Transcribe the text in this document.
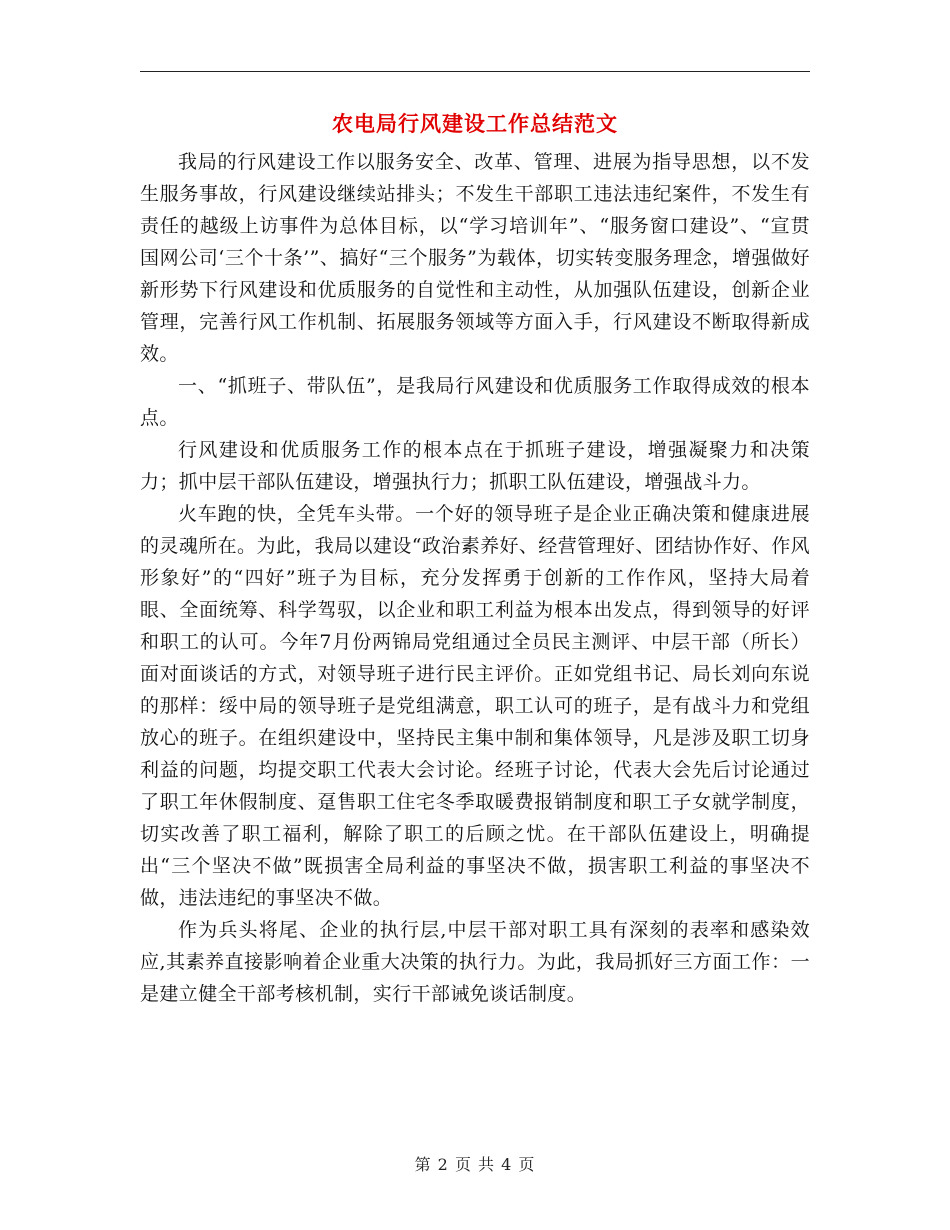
农电局行风建设工作总结范文

我局的行风建设工作以服务安全、改革、管理、进展为指导思想，以不发生服务事故，行风建设继续站排头；不发生干部职工违法违纪案件，不发生有责任的越级上访事件为总体目标，以“学习培训年”、“服务窗口建设”、“宣贯国网公司‘三个十条’”、搞好“三个服务”为载体，切实转变服务理念，增强做好新形势下行风建设和优质服务的自觉性和主动性，从加强队伍建设，创新企业管理，完善行风工作机制、拓展服务领域等方面入手，行风建设不断取得新成效。

一、“抓班子、带队伍”，是我局行风建设和优质服务工作取得成效的根本点。

行风建设和优质服务工作的根本点在于抓班子建设，增强凝聚力和决策力；抓中层干部队伍建设，增强执行力；抓职工队伍建设，增强战斗力。

火车跑的快，全凭车头带。一个好的领导班子是企业正确决策和健康进展的灵魂所在。为此，我局以建设“政治素养好、经营管理好、团结协作好、作风形象好”的“四好”班子为目标，充分发挥勇于创新的工作作风，坚持大局着眼、全面统筹、科学驾驭，以企业和职工利益为根本出发点，得到领导的好评和职工的认可。今年7月份两锦局党组通过全员民主测评、中层干部（所长）面对面谈话的方式，对领导班子进行民主评价。正如党组书记、局长刘向东说的那样：绥中局的领导班子是党组满意，职工认可的班子，是有战斗力和党组放心的班子。在组织建设中，坚持民主集中制和集体领导，凡是涉及职工切身利益的问题，均提交职工代表大会讨论。经班子讨论，代表大会先后讨论通过了职工年休假制度、趸售职工住宅冬季取暖费报销制度和职工子女就学制度，切实改善了职工福利，解除了职工的后顾之忧。在干部队伍建设上，明确提出“三个坚决不做”既损害全局利益的事坚决不做，损害职工利益的事坚决不做，违法违纪的事坚决不做。

作为兵头将尾、企业的执行层,中层干部对职工具有深刻的表率和感染效应,其素养直接影响着企业重大决策的执行力。为此，我局抓好三方面工作：一是建立健全干部考核机制，实行干部诫免谈话制度。

第 2 页 共 4 页
